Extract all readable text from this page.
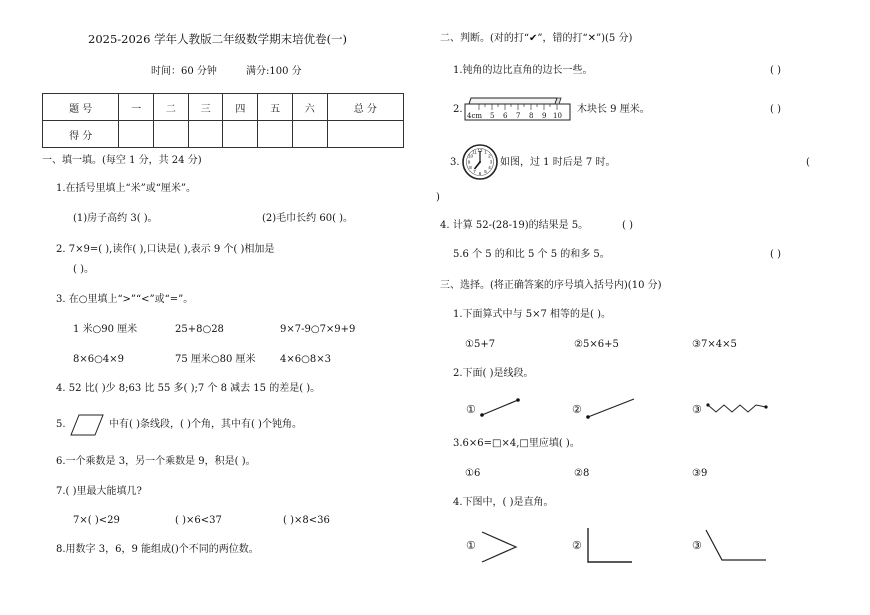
2025-2026 学年人教版二年级数学期末培优卷(一)
时间：60 分钟	满分:100 分
题 号	一	二	三	四	五	六	总 分
得 分							
一、填一填。(每空 1 分，共 24 分)
1.在括号里填上“米”或“厘米”。
(1)房子高约 3( )。	(2)毛巾长约 60( )。
2. 7×9=( ),读作( ),口诀是( ),表示 9 个( )相加是
( )。
3. 在○里填上“>”“<”或“=”。
1 米○90 厘米	25+8○28	9×7-9○7×9+9
8×6○4×9	75 厘米○80 厘米 4×6○8×3
4. 52 比( )少 8;63 比 55 多( );7 个 8 减去 15 的差是( )。
5.	中有( )条线段，( )个角，其中有( )个钝角。
6.一个乘数是 3，另一个乘数是 9，积是( )。
7.( )里最大能填几?
7×( )<29	( )×6<37	( )×8<36
8.用数字 3，6，9 能组成()个不同的两位数。
二、判断。(对的打“✔”，错的打“✕”)(5 分)
1.钝角的边比直角的边长一些。	( )
2.
4cm 5 6 7 8 9 10
木块长 9 厘米。	( )
3.
12 1
2
3
4
5
6
7
8
9
10
11
如图，过 1 时后是 7 时。	(
)
4. 计算 52-(28-19)的结果是 5。	( )
5.6 个 5 的和比 5 个 5 的和多 5。	( )
三、选择。(将正确答案的序号填入括号内)(10 分)
1.下面算式中与 5×7 相等的是( )。
①5+7	②5×6+5	③7×4×5
2.下面( )是线段。
①	②	③
3.6×6=□×4,□里应填( )。
①6	②8	③9
4.下图中，( )是直角。
①	②	③
